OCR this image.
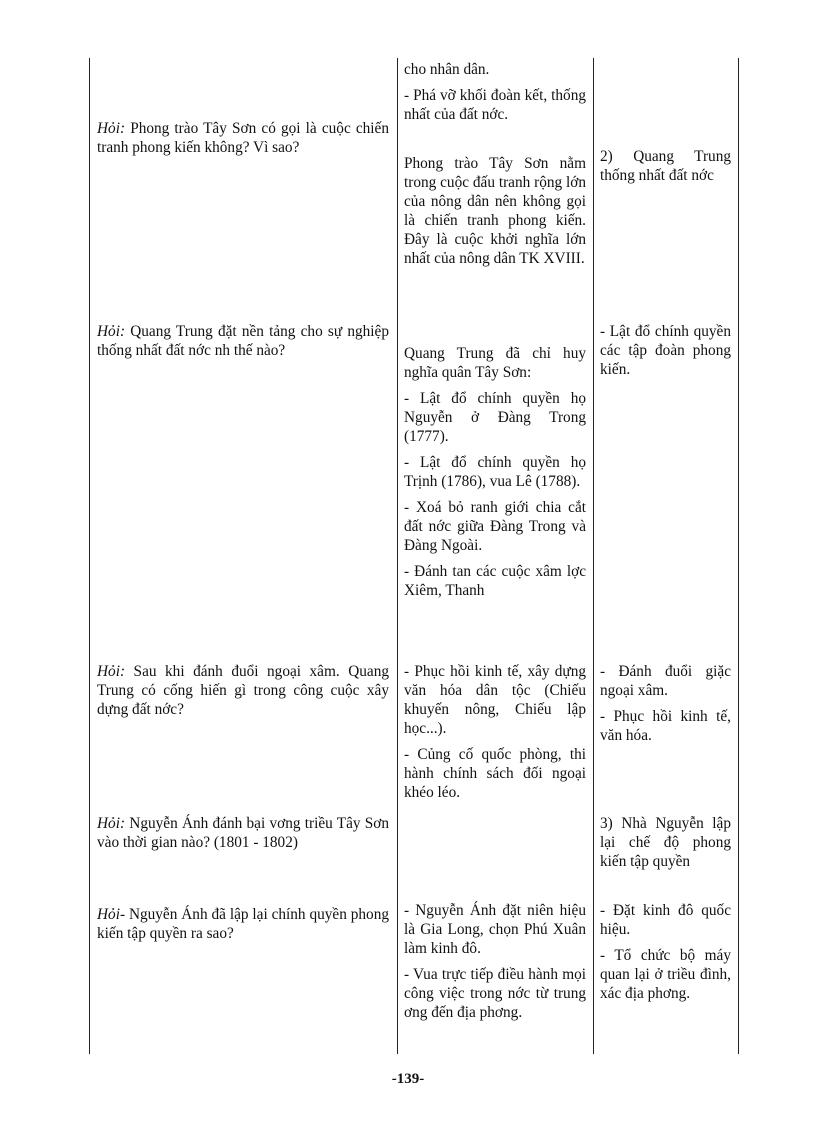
Hỏi: Phong trào Tây Sơn có gọi là cuộc chiến tranh phong kiến không? Vì sao?

Hỏi: Quang Trung đặt nền tảng cho sự nghiệp thống nhất đất nớc nh thế nào?

Hỏi: Sau khi đánh đuổi ngoại xâm. Quang Trung có cống hiến gì trong công cuộc xây dựng đất nớc?

Hỏi: Nguyễn Ánh đánh bại vơng triều Tây Sơn vào thời gian nào? (1801 - 1802)

Hỏi- Nguyễn Ánh đã lập lại chính quyền phong kiến tập quyền ra sao?

cho nhân dân.

- Phá vỡ khối đoàn kết, thống nhất của đất nớc.

Phong trào Tây Sơn nằm trong cuộc đấu tranh rộng lớn của nông dân nên không gọi là chiến tranh phong kiến. Đây là cuộc khởi nghĩa lớn nhất của nông dân TK XVIII.

Quang Trung đã chỉ huy nghĩa quân Tây Sơn:

- Lật đổ chính quyền họ Nguyễn ở Đàng Trong (1777).

- Lật đổ chính quyền họ Trịnh (1786), vua Lê (1788).

- Xoá bỏ ranh giới chia cắt đất nớc giữa Đàng Trong và Đàng Ngoài.

- Đánh tan các cuộc xâm lợc Xiêm, Thanh

- Phục hồi kinh tế, xây dựng văn hóa dân tộc (Chiếu khuyến nông, Chiếu lập học...).

- Củng cố quốc phòng, thi hành chính sách đối ngoại khéo léo.

- Nguyễn Ánh đặt niên hiệu là Gia Long, chọn Phú Xuân làm kinh đô.

- Vua trực tiếp điều hành mọi công việc trong nớc từ trung ơng đến địa phơng.

2) Quang Trung thống nhất đất nớc

- Lật đổ chính quyền các tập đoàn phong kiến.

- Đánh đuổi giặc ngoại xâm.

- Phục hồi kinh tế, văn hóa.

3) Nhà Nguyễn lập lại chế độ phong kiến tập quyền

- Đặt kinh đô quốc hiệu.

- Tổ chức bộ máy quan lại ở triều đình, xác địa phơng.

-139-
